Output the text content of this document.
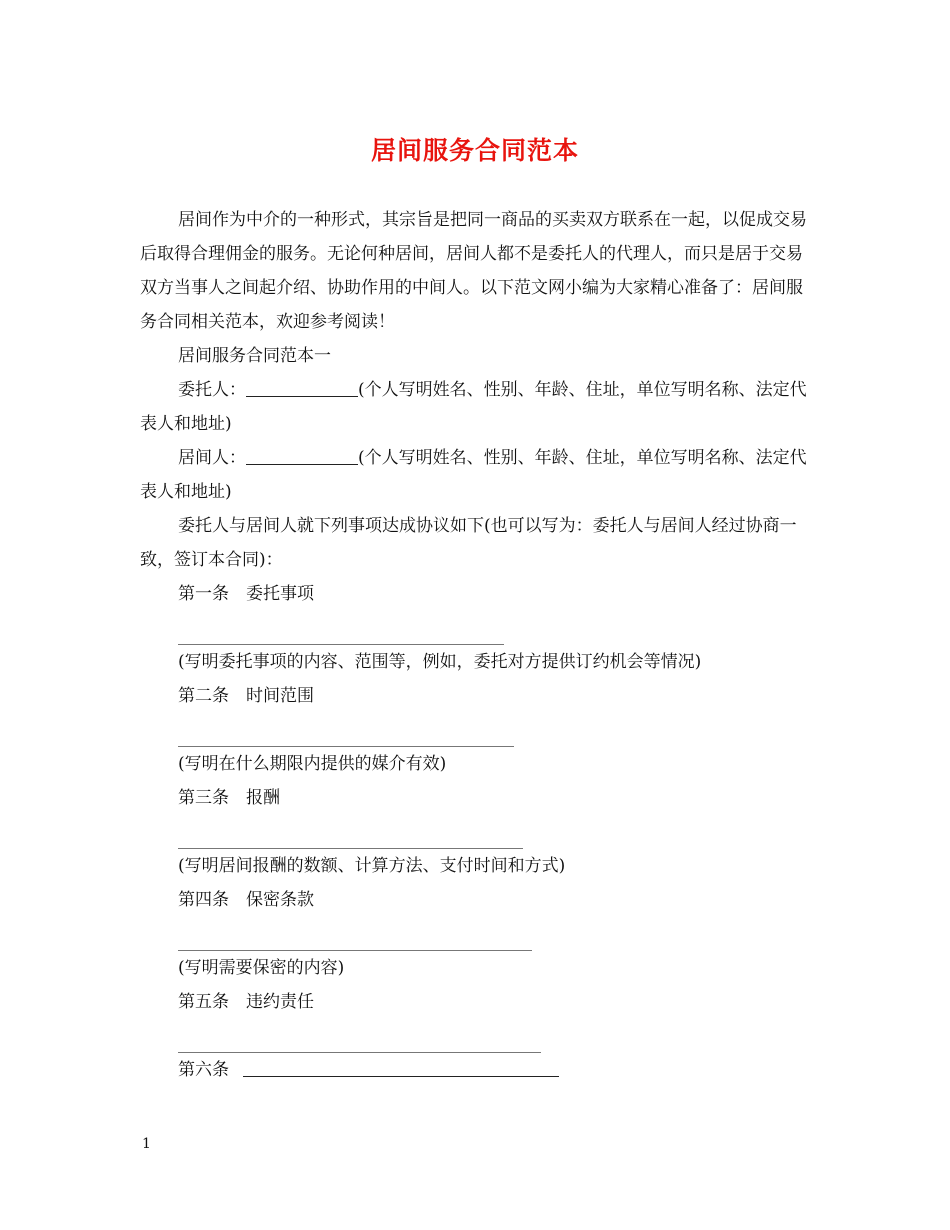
居间服务合同范本

居间作为中介的一种形式，其宗旨是把同一商品的买卖双方联系在一起，以促成交易后取得合理佣金的服务。无论何种居间，居间人都不是委托人的代理人，而只是居于交易双方当事人之间起介绍、协助作用的中间人。以下范文网小编为大家精心准备了：居间服务合同相关范本，欢迎参考阅读！

居间服务合同范本一

委托人：	(个人写明姓名、性别、年龄、住址，单位写明名称、法定代表人和地址)

居间人：	(个人写明姓名、性别、年龄、住址，单位写明名称、法定代表人和地址)

委托人与居间人就下列事项达成协议如下(也可以写为：委托人与居间人经过协商一致，签订本合同)：

第一条　委托事项

(写明委托事项的内容、范围等，例如，委托对方提供订约机会等情况)

第二条　时间范围

(写明在什么期限内提供的媒介有效)

第三条　报酬

(写明居间报酬的数额、计算方法、支付时间和方式)

第四条　保密条款

(写明需要保密的内容)

第五条　违约责任

第六条

1
